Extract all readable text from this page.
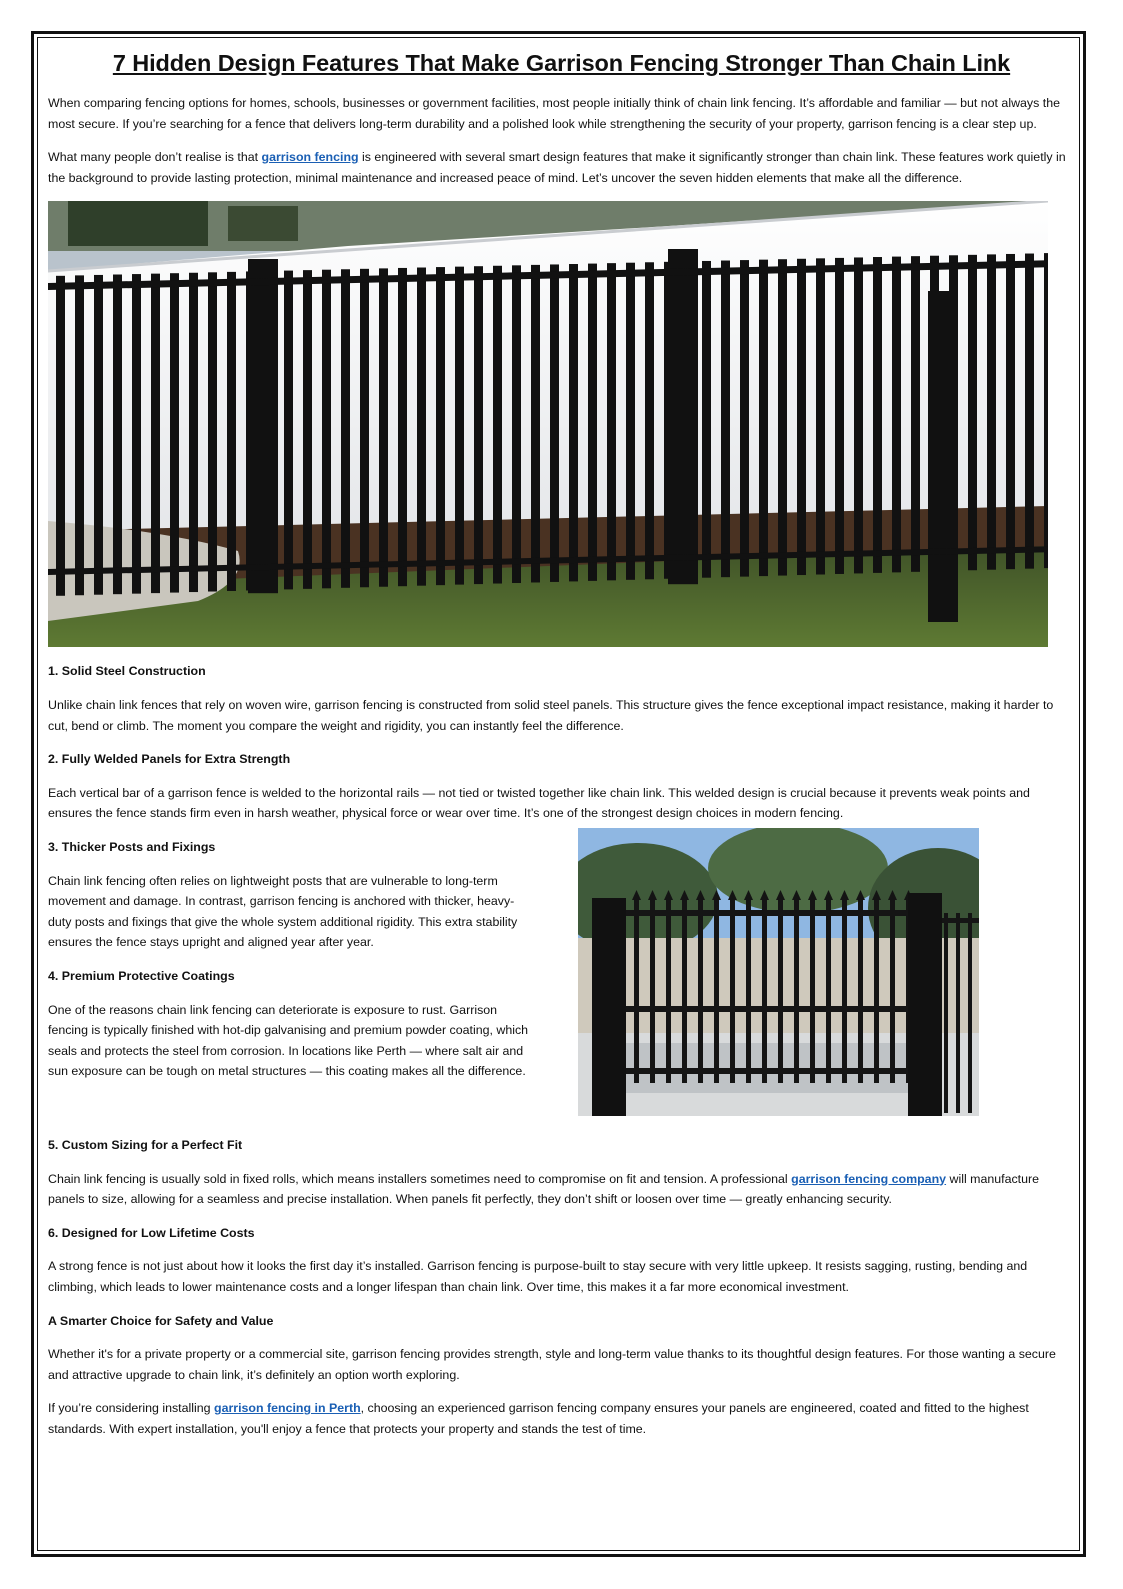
7 Hidden Design Features That Make Garrison Fencing Stronger Than Chain Link

When comparing fencing options for homes, schools, businesses or government facilities, most people initially think of chain link fencing. It’s affordable and familiar — but not always the most secure. If you’re searching for a fence that delivers long-term durability and a polished look while strengthening the security of your property, garrison fencing is a clear step up.

What many people don’t realise is that garrison fencing is engineered with several smart design features that make it significantly stronger than chain link. These features work quietly in the background to provide lasting protection, minimal maintenance and increased peace of mind. Let’s uncover the seven hidden elements that make all the difference.

1. Solid Steel Construction

Unlike chain link fences that rely on woven wire, garrison fencing is constructed from solid steel panels. This structure gives the fence exceptional impact resistance, making it harder to cut, bend or climb. The moment you compare the weight and rigidity, you can instantly feel the difference.

2. Fully Welded Panels for Extra Strength

Each vertical bar of a garrison fence is welded to the horizontal rails — not tied or twisted together like chain link. This welded design is crucial because it prevents weak points and ensures the fence stands firm even in harsh weather, physical force or wear over time. It’s one of the strongest design choices in modern fencing.

3. Thicker Posts and Fixings

Chain link fencing often relies on lightweight posts that are vulnerable to long-term movement and damage. In contrast, garrison fencing is anchored with thicker, heavy-duty posts and fixings that give the whole system additional rigidity. This extra stability ensures the fence stays upright and aligned year after year.

4. Premium Protective Coatings

One of the reasons chain link fencing can deteriorate is exposure to rust. Garrison fencing is typically finished with hot-dip galvanising and premium powder coating, which seals and protects the steel from corrosion. In locations like Perth — where salt air and sun exposure can be tough on metal structures — this coating makes all the difference.

5. Custom Sizing for a Perfect Fit

Chain link fencing is usually sold in fixed rolls, which means installers sometimes need to compromise on fit and tension. A professional garrison fencing company will manufacture panels to size, allowing for a seamless and precise installation. When panels fit perfectly, they don’t shift or loosen over time — greatly enhancing security.

6. Designed for Low Lifetime Costs

A strong fence is not just about how it looks the first day it’s installed. Garrison fencing is purpose-built to stay secure with very little upkeep. It resists sagging, rusting, bending and climbing, which leads to lower maintenance costs and a longer lifespan than chain link. Over time, this makes it a far more economical investment.

A Smarter Choice for Safety and Value

Whether it's for a private property or a commercial site, garrison fencing provides strength, style and long-term value thanks to its thoughtful design features. For those wanting a secure and attractive upgrade to chain link, it’s definitely an option worth exploring.

If you’re considering installing garrison fencing in Perth, choosing an experienced garrison fencing company ensures your panels are engineered, coated and fitted to the highest standards. With expert installation, you'll enjoy a fence that protects your property and stands the test of time.
